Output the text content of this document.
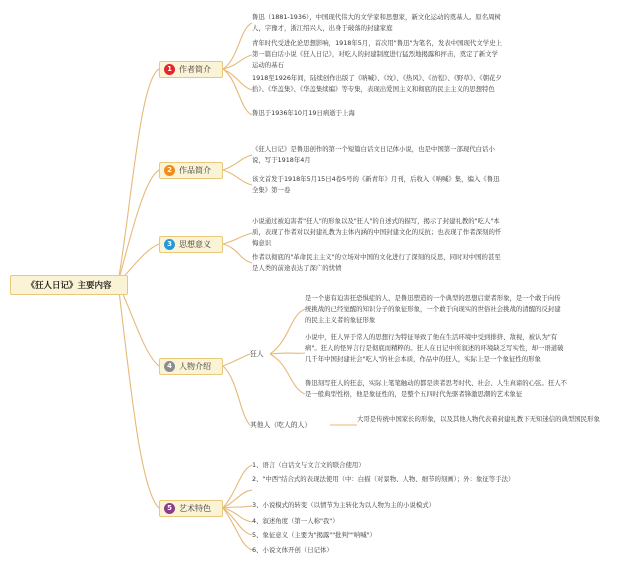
《狂人日记》主要内容
1 作者简介
鲁迅（1881-1936），中国现代伟大的文学家和思想家，新文化运动的奠基人。原名周树人，字豫才，浙江绍兴人，出身于破落的封建家庭
青年时代受进化论思想影响，1918年5月，首次用"鲁迅"为笔名，发表中国现代文学史上第一篇白话小说《狂人日记》，对吃人的封建制度进行猛烈地揭露和抨击，奠定了新文学运动的基石
1918至1926年间，陆续创作出版了《呐喊》、《坟》、《热风》、《彷徨》、《野草》、《朝花夕拾》、《华盖集》、《华盖集续编》等专集，表现出爱国主义和彻底的民主主义的思想特色
鲁迅于1936年10月19日病逝于上海
2 作品简介
《狂人日记》是鲁迅创作的第一个短篇白话文日记体小说，也是中国第一部现代白话小说，写于1918年4月
该文首发于1918年5月15日4卷5号的《新青年》月刊，后收入《呐喊》集，编入《鲁迅全集》第一卷
3 思想意义
小说通过被迫害者"狂人"的形象以及"狂人"的自述式的描写，揭示了封建礼教的"吃人"本质，表现了作者对以封建礼教为主体内涵的中国封建文化的反抗；也表现了作者深刻的忏悔意识
作者以彻底的"革命民主主义"的立场对中国的文化进行了深刻的反思，同时对中国的甚至是人类的前途表达了深广的忧愤
4 人物介绍
狂人
是一个患有迫害狂恐惧症的人，是鲁迅塑造的一个典型的思想启蒙者形象，是一个敢于向传统挑战的已经觉醒的知识分子的象征形象，一个敢于向现实的世俗社会挑战的清醒的反封建的民主主义者的象征形象
小说中，狂人异于常人的思想行为特征导致了他在生活环境中受到排挤、敌视，被认为"有病"。狂人的怪异言行是彻底而精粹的。狂人在日记中所叙述的环境缺乏写实性，却一语道破几千年中国封建社会"吃人"的社会本质，作品中的狂人，实际上是一个象征性的形象
鲁迅刻写狂人的狂态，实际上笔笔触动的都是读者思考时代、社会、人生真谛的心弦。狂人不是一般典型性格，他是象征性的，是整个五四时代先驱者锋激思潮的艺术象征
其他人（吃人的人）
大哥是传统中国家长的形象，以及其他人物代表着封建礼教下无知迷信的典型国民形象
5 艺术特色
1、语言（白话文与文言文的联合使用）
2、"中西"结合式的表现法使用（中：白描（对景物、人物、细节的刻画）；外：象征等手法）
3、小说模式的转变（以情节为主转化为以人物为主的小说模式）
4、叙述角度（第一人称"我"）
5、象征意义（主要为"揭露""批判""呐喊"）
6、小说文体开创（日记体）
